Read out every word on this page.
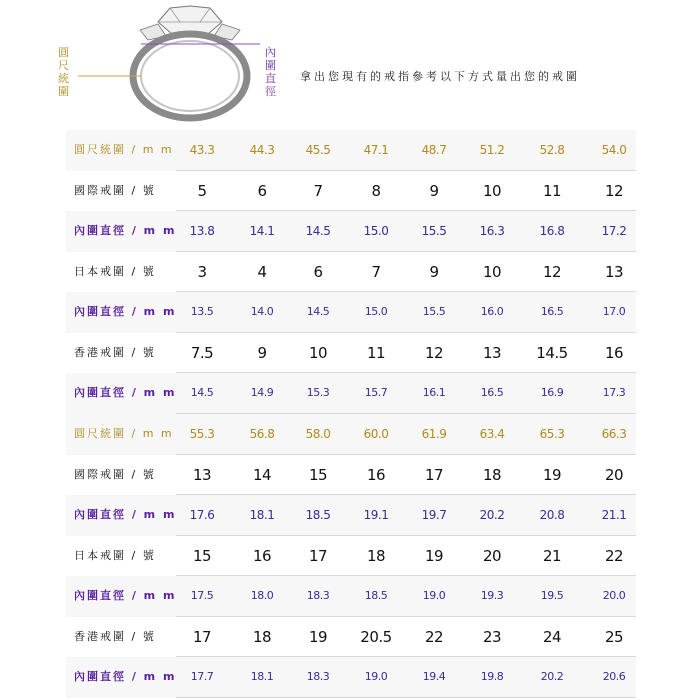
圓
尺
統
圍
內
圍
直
徑
拿出您現有的戒指參考以下方式量出您的戒圍
圓尺統圍 / m m	43.3	44.3	45.5	47.1	48.7	51.2	52.8	54.0
國際戒圍 / 號	5	6	7	8	9	10	11	12
內圍直徑 / m m	13.8	14.1	14.5	15.0	15.5	16.3	16.8	17.2
日本戒圍 / 號	3	4	6	7	9	10	12	13
內圍直徑 / m m	13.5	14.0	14.5	15.0	15.5	16.0	16.5	17.0
香港戒圍 / 號	7.5	9	10	11	12	13	14.5	16
內圍直徑 / m m	14.5	14.9	15.3	15.7	16.1	16.5	16.9	17.3
圓尺統圍 / m m	55.3	56.8	58.0	60.0	61.9	63.4	65.3	66.3
國際戒圍 / 號	13	14	15	16	17	18	19	20
內圍直徑 / m m	17.6	18.1	18.5	19.1	19.7	20.2	20.8	21.1
日本戒圍 / 號	15	16	17	18	19	20	21	22
內圍直徑 / m m	17.5	18.0	18.3	18.5	19.0	19.3	19.5	20.0
香港戒圍 / 號	17	18	19	20.5	22	23	24	25
內圍直徑 / m m	17.7	18.1	18.3	19.0	19.4	19.8	20.2	20.6
